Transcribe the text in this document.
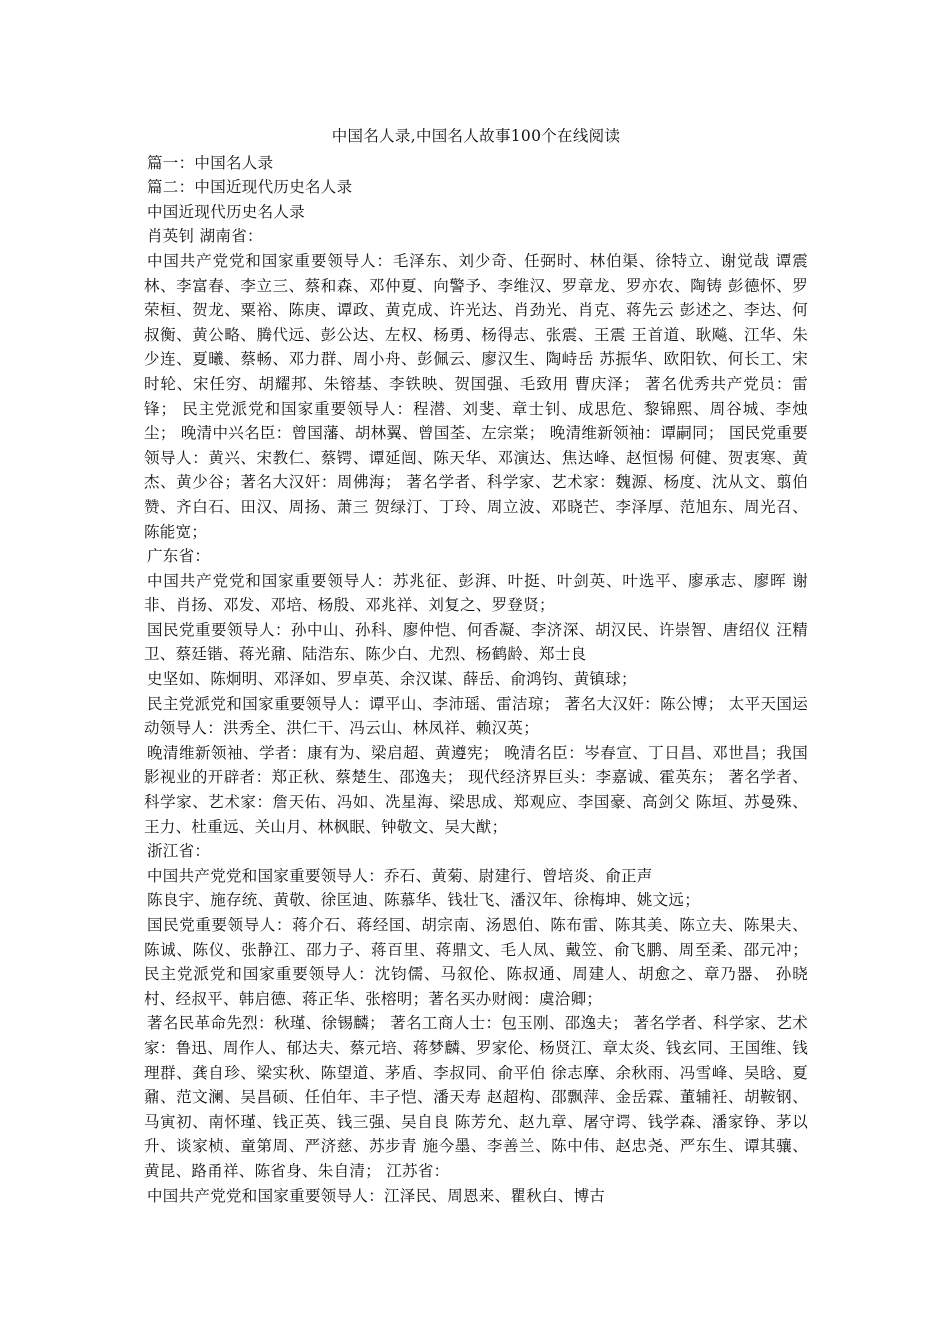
中国名人录,中国名人故事100个在线阅读
篇一：中国名人录
篇二：中国近现代历史名人录
中国近现代历史名人录
肖英钊 湖南省：
中国共产党党和国家重要领导人：毛泽东、刘少奇、任弼时、林伯渠、徐特立、谢觉哉 谭震林、李富春、李立三、蔡和森、邓仲夏、向警予、李维汉、罗章龙、罗亦农、陶铸 彭德怀、罗荣桓、贺龙、粟裕、陈庚、谭政、黄克成、许光达、肖劲光、肖克、蒋先云 彭述之、李达、何叔衡、黄公略、腾代远、彭公达、左权、杨勇、杨得志、张震、王震 王首道、耿飚、江华、朱少连、夏曦、蔡畅、邓力群、周小舟、彭佩云、廖汉生、陶峙岳 苏振华、欧阳钦、何长工、宋时轮、宋任穷、胡耀邦、朱镕基、李铁映、贺国强、毛致用 曹庆泽； 著名优秀共产党员：雷锋； 民主党派党和国家重要领导人：程潜、刘斐、章士钊、成思危、黎锦熙、周谷城、李烛尘； 晚清中兴名臣：曾国藩、胡林翼、曾国荃、左宗棠； 晚清维新领袖：谭嗣同； 国民党重要领导人：黄兴、宋教仁、蔡锷、谭延闿、陈天华、邓演达、焦达峰、赵恒惕 何健、贺衷寒、黄杰、黄少谷；著名大汉奸：周佛海； 著名学者、科学家、艺术家：魏源、杨度、沈从文、翦伯赞、齐白石、田汉、周扬、萧三 贺绿汀、丁玲、周立波、邓晓芒、李泽厚、范旭东、周光召、陈能宽；
广东省：
中国共产党党和国家重要领导人：苏兆征、彭湃、叶挺、叶剑英、叶选平、廖承志、廖晖 谢非、肖扬、邓发、邓培、杨殷、邓兆祥、刘复之、罗登贤；
国民党重要领导人：孙中山、孙科、廖仲恺、何香凝、李济深、胡汉民、许崇智、唐绍仪 汪精卫、蔡廷锴、蒋光鼐、陆浩东、陈少白、尤烈、杨鹤龄、郑士良
史坚如、陈炯明、邓泽如、罗卓英、余汉谋、薛岳、俞鸿钧、黄镇球；
民主党派党和国家重要领导人：谭平山、李沛瑶、雷洁琼； 著名大汉奸：陈公博； 太平天国运动领导人：洪秀全、洪仁干、冯云山、林凤祥、赖汉英；
晚清维新领袖、学者：康有为、梁启超、黄遵宪； 晚清名臣：岑春宣、丁日昌、邓世昌；我国影视业的开辟者：郑正秋、蔡楚生、邵逸夫； 现代经济界巨头：李嘉诚、霍英东； 著名学者、科学家、艺术家：詹天佑、冯如、冼星海、梁思成、郑观应、李国豪、高剑父 陈垣、苏曼殊、王力、杜重远、关山月、林枫眠、钟敬文、吴大猷；
浙江省：
中国共产党党和国家重要领导人：乔石、黄菊、尉建行、曾培炎、俞正声
陈良宇、施存统、黄敬、徐匡迪、陈慕华、钱壮飞、潘汉年、徐梅坤、姚文远；
国民党重要领导人：蒋介石、蒋经国、胡宗南、汤恩伯、陈布雷、陈其美、陈立夫、陈果夫、陈诚、陈仪、张静江、邵力子、蒋百里、蒋鼎文、毛人凤、戴笠、俞飞鹏、周至柔、邵元冲； 民主党派党和国家重要领导人：沈钧儒、马叙伦、陈叔通、周建人、胡愈之、章乃器、 孙晓村、经叔平、韩启德、蒋正华、张榕明；著名买办财阀：虞洽卿；
著名民革命先烈：秋瑾、徐锡麟； 著名工商人士：包玉刚、邵逸夫； 著名学者、科学家、艺术家：鲁迅、周作人、郁达夫、蔡元培、蒋梦麟、罗家伦、杨贤江、章太炎、钱玄同、王国维、钱理群、龚自珍、梁实秋、陈望道、茅盾、李叔同、俞平伯 徐志摩、余秋雨、冯雪峰、吴晗、夏鼐、范文澜、吴昌硕、任伯年、丰子恺、潘天寿 赵超构、邵飘萍、金岳霖、董辅衽、胡鞍钢、马寅初、南怀瑾、钱正英、钱三强、吴自良 陈芳允、赵九章、屠守谔、钱学森、潘家铮、茅以升、谈家桢、童第周、严济慈、苏步青 施今墨、李善兰、陈中伟、赵忠尧、严东生、谭其骧、黄昆、路甬祥、陈省身、朱自清； 江苏省：
中国共产党党和国家重要领导人：江泽民、周恩来、瞿秋白、博古
